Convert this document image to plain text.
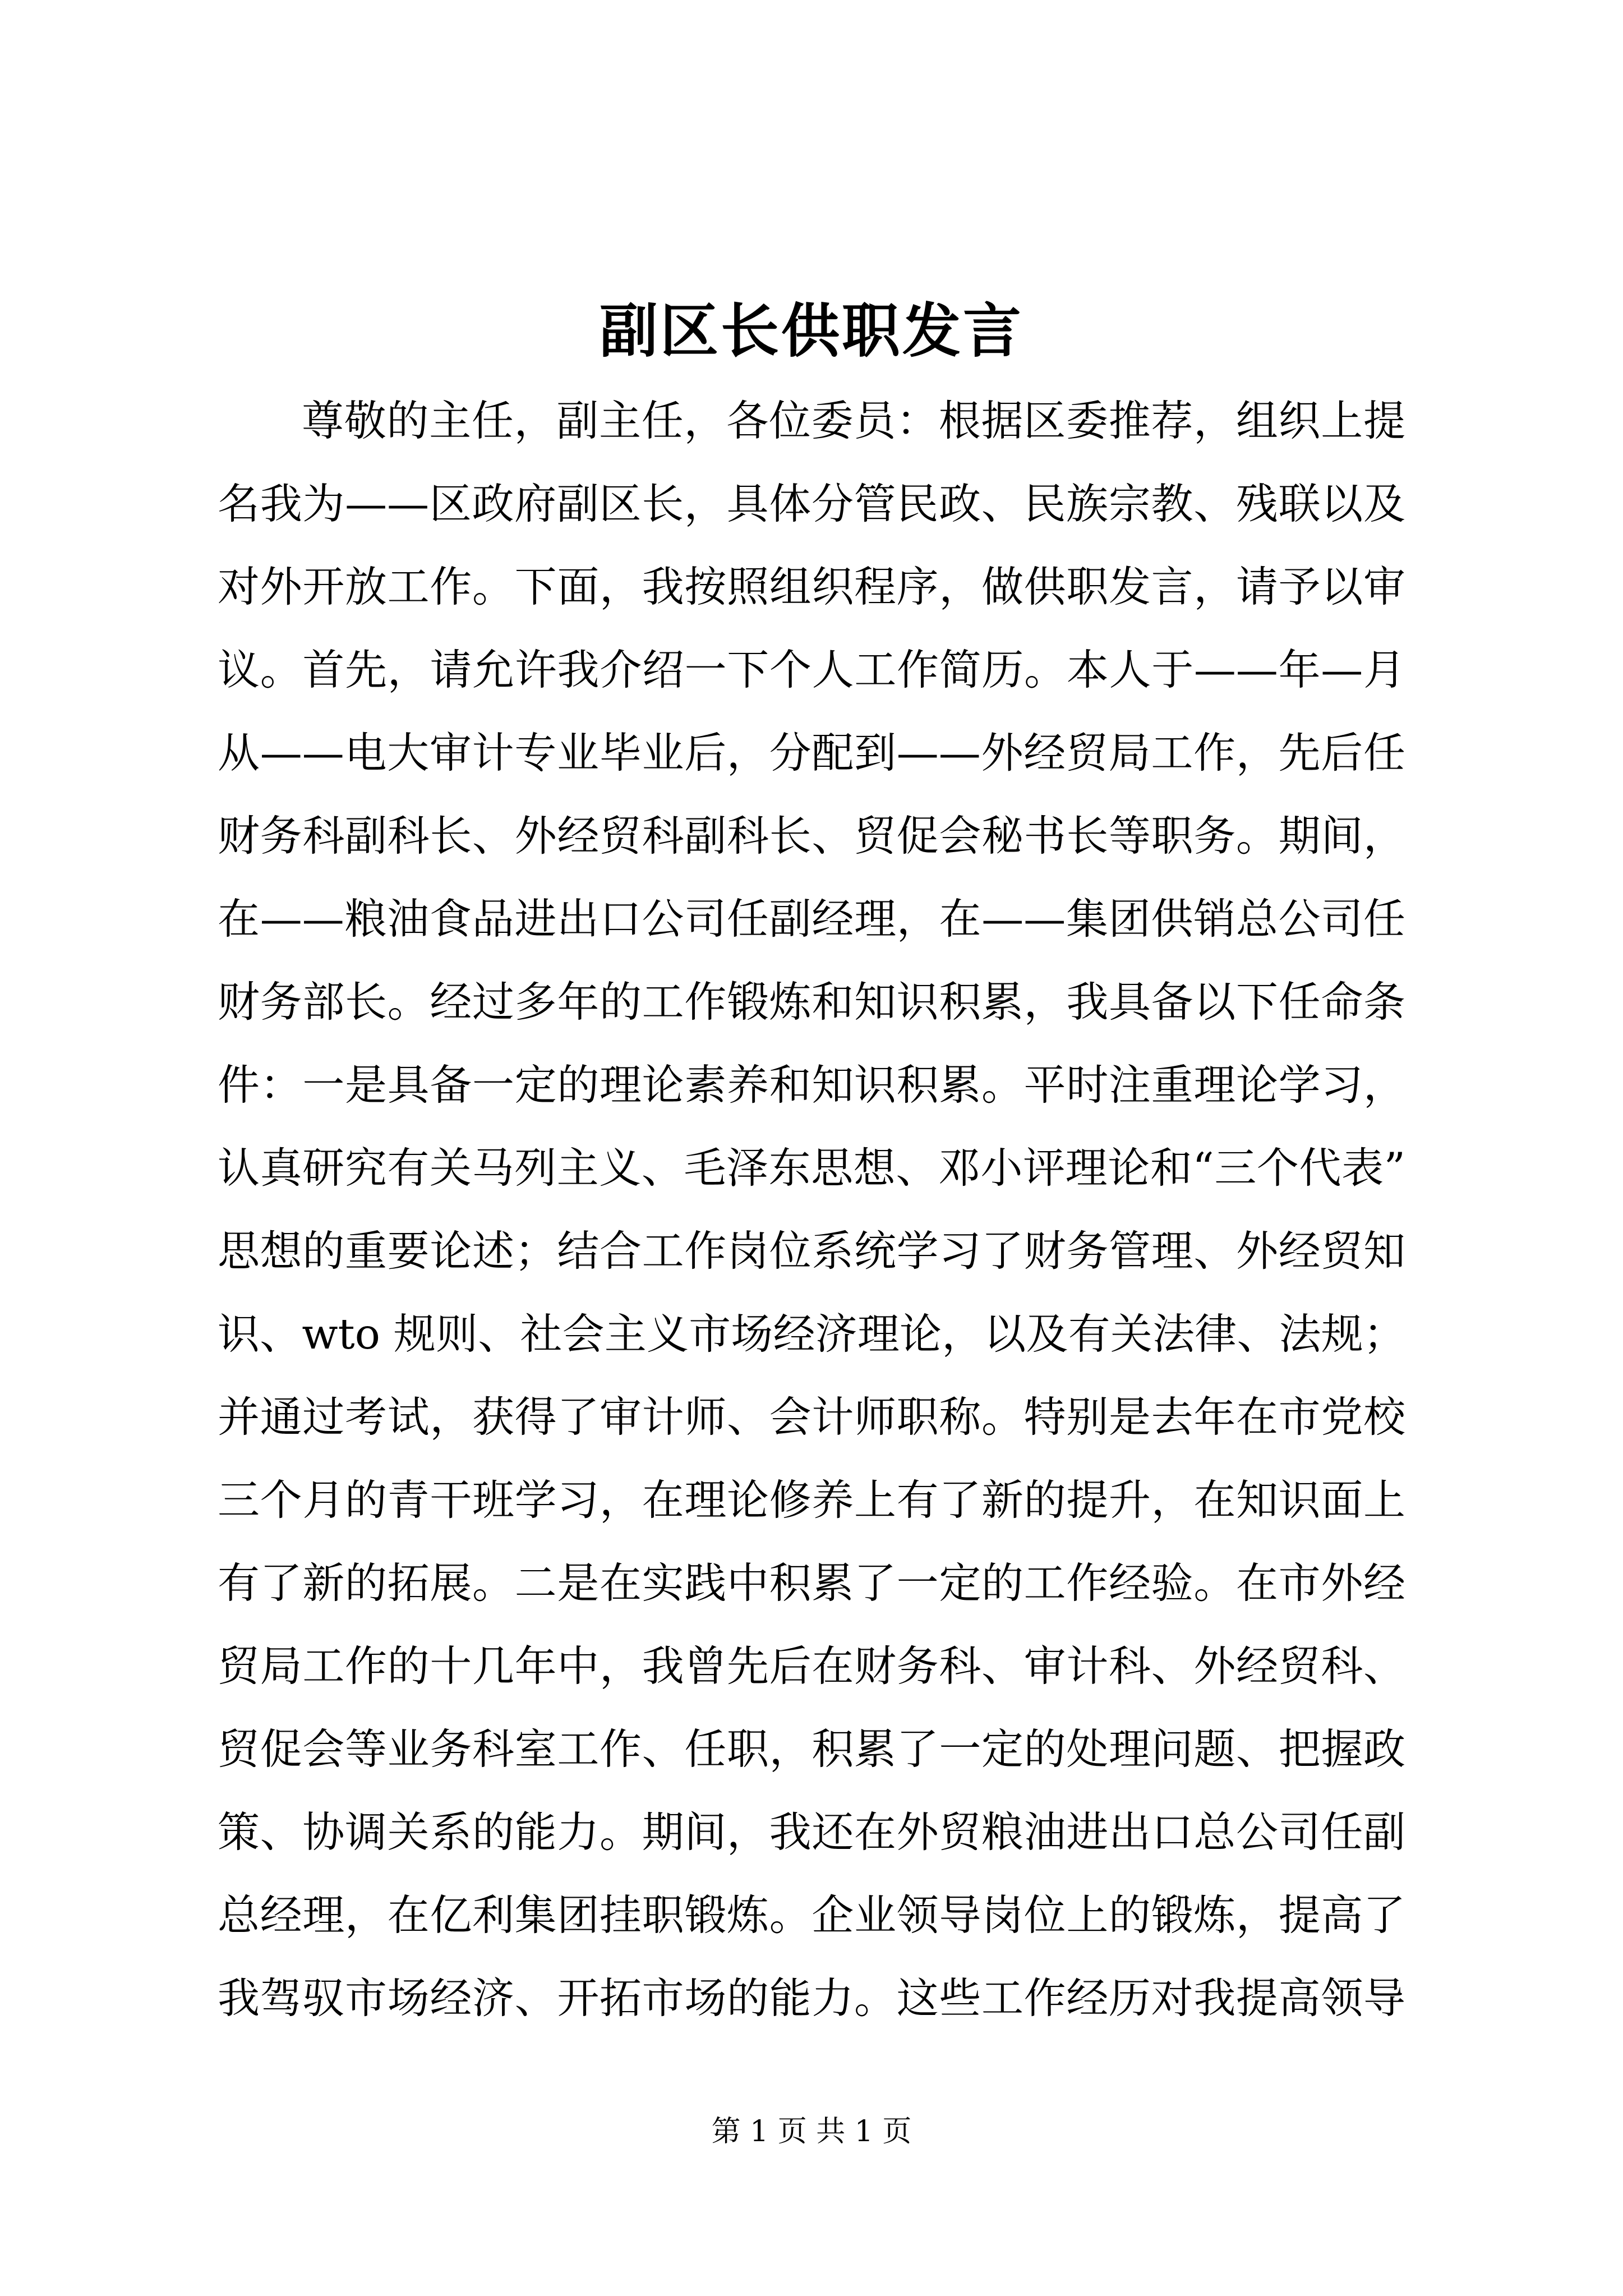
副区长供职发言
尊敬的主任，副主任，各位委员：根据区委推荐，组织上提
名我为——区政府副区长，具体分管民政、民族宗教、残联以及
对外开放工作。下面，我按照组织程序，做供职发言，请予以审
议。首先，请允许我介绍一下个人工作简历。本人于——年—月
从——电大审计专业毕业后，分配到——外经贸局工作，先后任
财务科副科长、外经贸科副科长、贸促会秘书长等职务。期间，
在——粮油食品进出口公司任副经理，在——集团供销总公司任
财务部长。经过多年的工作锻炼和知识积累，我具备以下任命条
件：一是具备一定的理论素养和知识积累。平时注重理论学习，
认真研究有关马列主义、毛泽东思想、邓小评理论和“三个代表”
思想的重要论述；结合工作岗位系统学习了财务管理、外经贸知
识、wto 规则、社会主义市场经济理论，以及有关法律、法规；
并通过考试，获得了审计师、会计师职称。特别是去年在市党校
三个月的青干班学习，在理论修养上有了新的提升，在知识面上
有了新的拓展。二是在实践中积累了一定的工作经验。在市外经
贸局工作的十几年中，我曾先后在财务科、审计科、外经贸科、
贸促会等业务科室工作、任职，积累了一定的处理问题、把握政
策、协调关系的能力。期间，我还在外贸粮油进出口总公司任副
总经理，在亿利集团挂职锻炼。企业领导岗位上的锻炼，提高了
我驾驭市场经济、开拓市场的能力。这些工作经历对我提高领导
第 1 页 共 1 页
